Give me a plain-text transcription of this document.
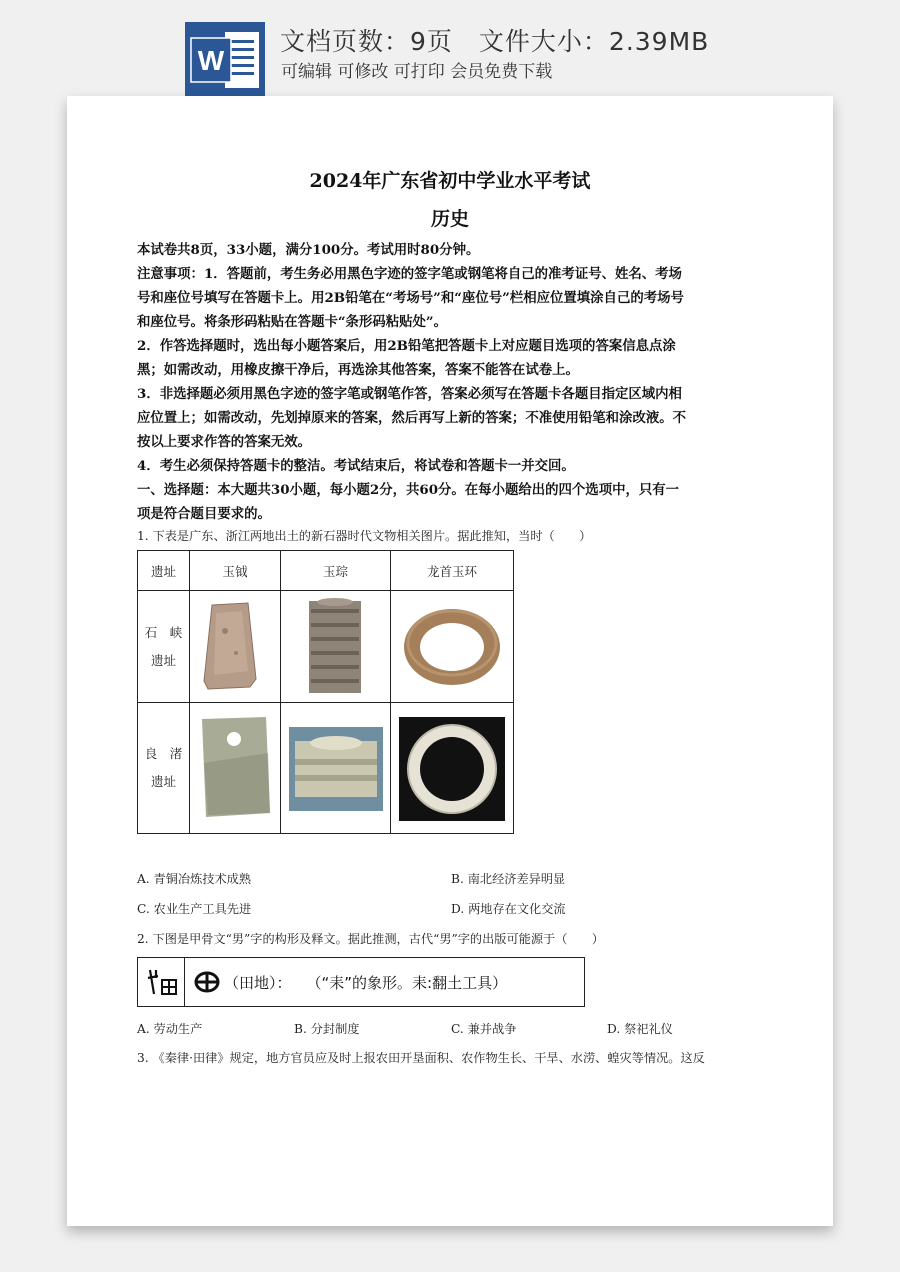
W
文档页数：9页　文件大小：2.39MB
可编辑 可修改 可打印 会员免费下载
2024年广东省初中学业水平考试
历史
本试卷共8页，33小题，满分100分。考试用时80分钟。
注意事项：1．答题前，考生务必用黑色字迹的签字笔或钢笔将自己的准考证号、姓名、考场
号和座位号填写在答题卡上。用2B铅笔在“考场号”和“座位号”栏相应位置填涂自己的考场号
和座位号。将条形码粘贴在答题卡“条形码粘贴处”。
2．作答选择题时，选出每小题答案后，用2B铅笔把答题卡上对应题目选项的答案信息点涂
黑；如需改动，用橡皮擦干净后，再选涂其他答案，答案不能答在试卷上。
3．非选择题必须用黑色字迹的签字笔或钢笔作答，答案必须写在答题卡各题目指定区域内相
应位置上；如需改动，先划掉原来的答案，然后再写上新的答案；不准使用铅笔和涂改液。不
按以上要求作答的答案无效。
4．考生必须保持答题卡的整洁。考试结束后，将试卷和答题卡一并交回。
一、选择题：本大题共30小题，每小题2分，共60分。在每小题给出的四个选项中，只有一
项是符合题目要求的。
1. 下表是广东、浙江两地出土的新石器时代文物相关图片。据此推知，当时（　　）
遗址	玉钺	玉琮	龙首玉环

石　峡
遗址

良　渚
遗址

A. 青铜冶炼技术成熟	B. 南北经济差异明显
C. 农业生产工具先进	D. 两地存在文化交流
2. 下图是甲骨文“男”字的构形及释文。据此推测，古代“男”字的出版可能源于（　　）
（田地）：　　（“耒”的象形。耒:翻土工具）
A. 劳动生产	B. 分封制度	C. 兼并战争	D. 祭祀礼仪
3. 《秦律·田律》规定，地方官员应及时上报农田开垦面积、农作物生长、干旱、水涝、蝗灾等情况。这反
